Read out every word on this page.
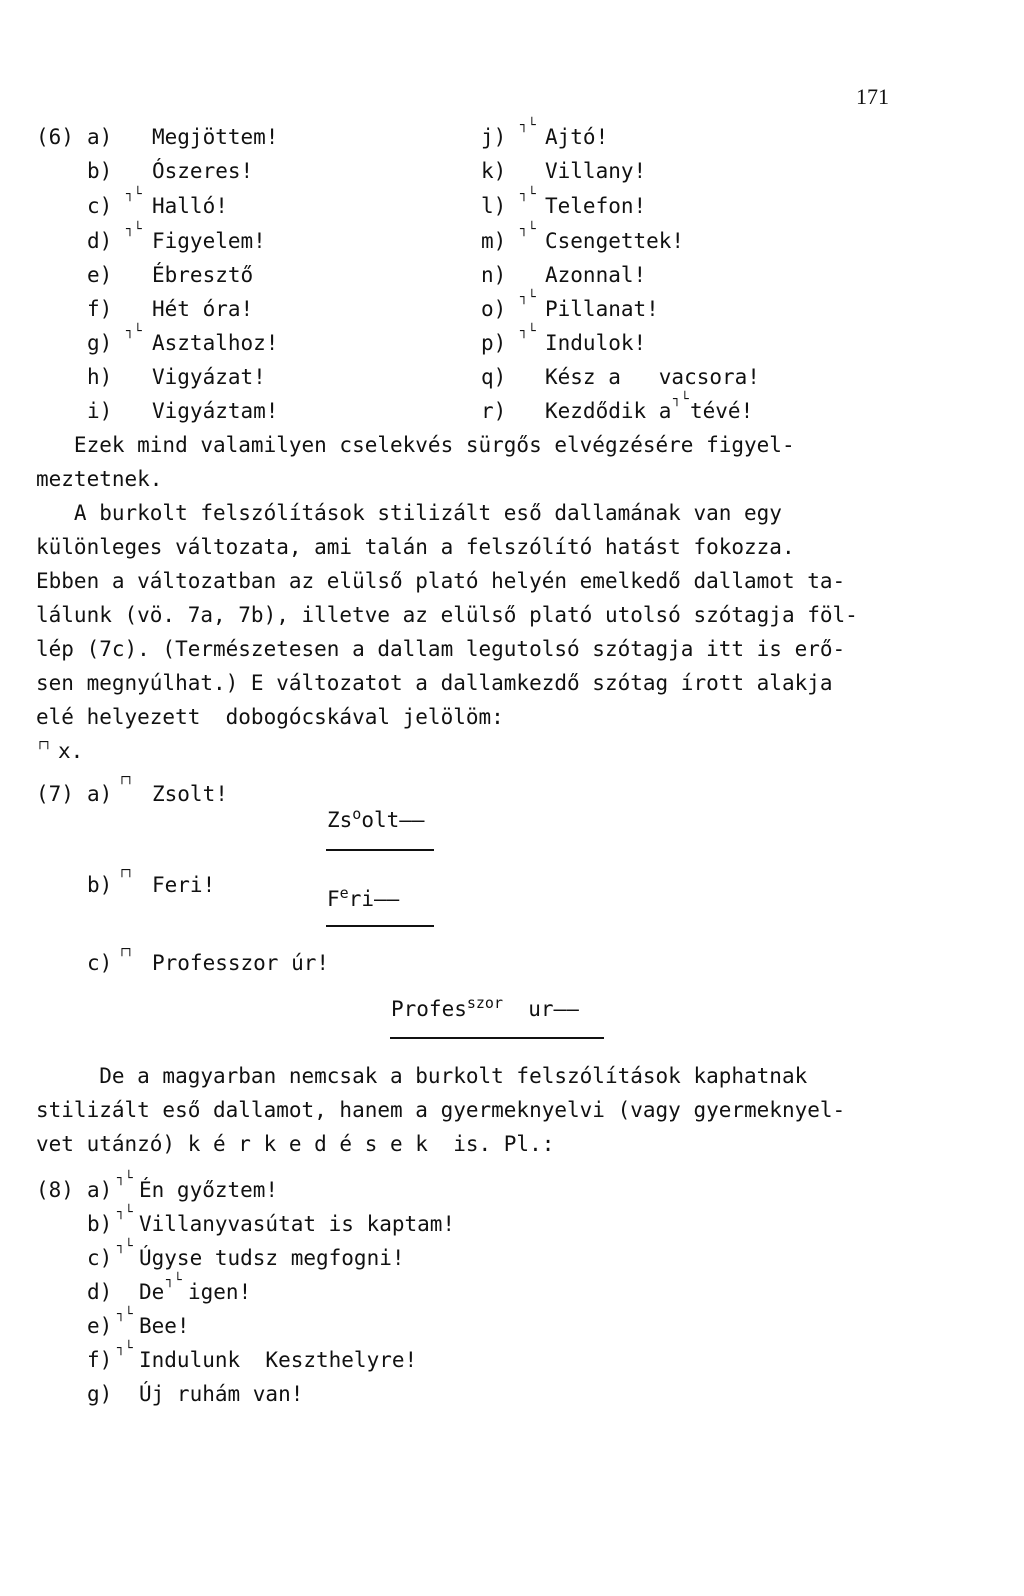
171
(6) a) Megjöttem!
b) Ószeres!
c) ┐└ Halló!
d) ┐└ Figyelem!
e) Ébresztő
f) Hét óra!
g) ┐└ Asztalhoz!
h) Vigyázat!
i) Vigyáztam!
j) ┐└ Ajtó!
k) Villany!
l) ┐└ Telefon!
m) ┐└ Csengettek!
n) Azonnal!
o) ┐└ Pillanat!
p) ┐└ Indulok!
q) Kész a   vacsora!
r) Kezdődik a ┐└ tévé!
Ezek mind valamilyen cselekvés sürgős elvégzésére figyel-
meztetnek.
A burkolt felszólítások stilizált eső dallamának van egy
különleges változata, ami talán a felszólító hatást fokozza.
Ebben a változatban az elülső plató helyén emelkedő dallamot ta-
lálunk (vö. 7a, 7b), illetve az elülső plató utolsó szótagja föl-
lép (7c). (Természetesen a dallam legutolsó szótagja itt is erő-
sen megnyúlhat.) E változatot a dallamkezdő szótag írott alakja
elé helyezett  dobogócskával jelölöm:
┌┐ x.
(7) a)
┌┐
Zsolt!
Zs$^o$olt——
b)
┌┐
Feri!
$F^eri——$
c)
┌┐
Professzor úr!
Profes$^{szor}$  ur——
De a magyarban nemcsak a burkolt felszólítások kaphatnak
stilizált eső dallamot, hanem a gyermeknyelvi (vagy gyermeknyel-
vet utánzó) k é r k e d é s e k  is. Pl.:
(8) a) ┐└ Én győztem!
b) ┐└ Villanyvasútat is kaptam!
c) ┐└ Úgyse tudsz megfogni!
d) De ┐└ igen!
e) ┐└ Bee!
f) ┐└ Indulunk  Keszthelyre!
g) Új ruhám van!
